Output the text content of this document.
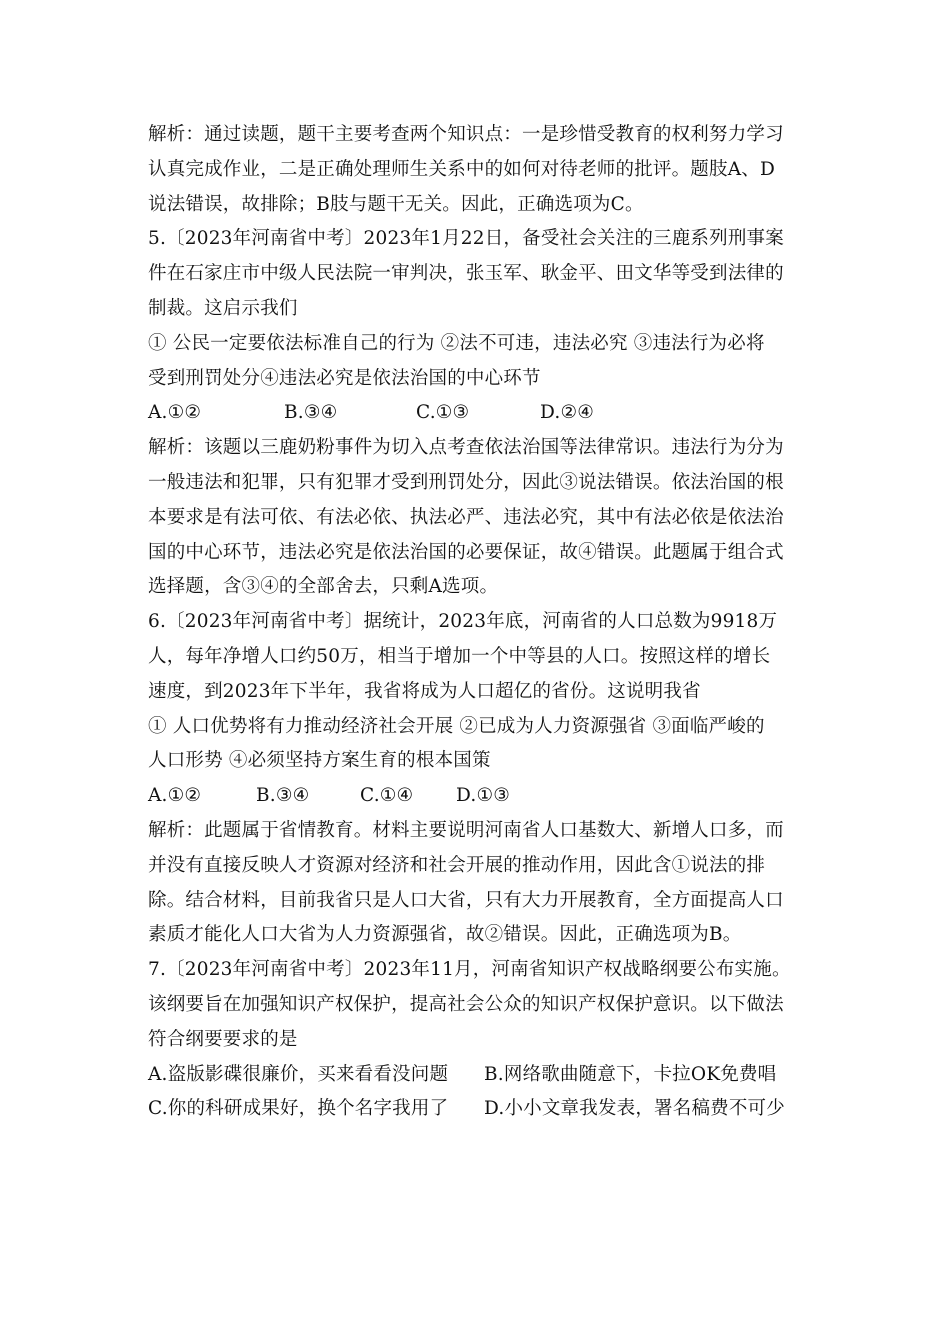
解析：通过读题，题干主要考查两个知识点：一是珍惜受教育的权利努力学习
认真完成作业，二是正确处理师生关系中的如何对待老师的批评。题肢A、D
说法错误，故排除；B肢与题干无关。因此，正确选项为C。
5.〔2023年河南省中考〕2023年1月22日，备受社会关注的三鹿系列刑事案
件在石家庄市中级人民法院一审判决，张玉军、耿金平、田文华等受到法律的
制裁。这启示我们
① 公民一定要依法标准自己的行为 ②法不可违，违法必究 ③违法行为必将
受到刑罚处分④违法必究是依法治国的中心环节
A.①②	B.③④	C.①③	D.②④
解析：该题以三鹿奶粉事件为切入点考查依法治国等法律常识。违法行为分为
一般违法和犯罪，只有犯罪才受到刑罚处分，因此③说法错误。依法治国的根
本要求是有法可依、有法必依、执法必严、违法必究，其中有法必依是依法治
国的中心环节，违法必究是依法治国的必要保证，故④错误。此题属于组合式
选择题，含③④的全部舍去，只剩A选项。
6.〔2023年河南省中考〕据统计，2023年底，河南省的人口总数为9918万
人，每年净增人口约50万，相当于增加一个中等县的人口。按照这样的增长
速度，到2023年下半年，我省将成为人口超亿的省份。这说明我省
① 人口优势将有力推动经济社会开展 ②已成为人力资源强省 ③面临严峻的
人口形势 ④必须坚持方案生育的根本国策
A.①②	B.③④	C.①④	D.①③
解析：此题属于省情教育。材料主要说明河南省人口基数大、新增人口多，而
并没有直接反映人才资源对经济和社会开展的推动作用，因此含①说法的排
除。结合材料，目前我省只是人口大省，只有大力开展教育，全方面提高人口
素质才能化人口大省为人力资源强省，故②错误。因此，正确选项为B。
7.〔2023年河南省中考〕2023年11月，河南省知识产权战略纲要公布实施。
该纲要旨在加强知识产权保护，提高社会公众的知识产权保护意识。以下做法
符合纲要要求的是
A.盗版影碟很廉价，买来看看没问题	B.网络歌曲随意下，卡拉OK免费唱
C.你的科研成果好，换个名字我用了	D.小小文章我发表，署名稿费不可少
